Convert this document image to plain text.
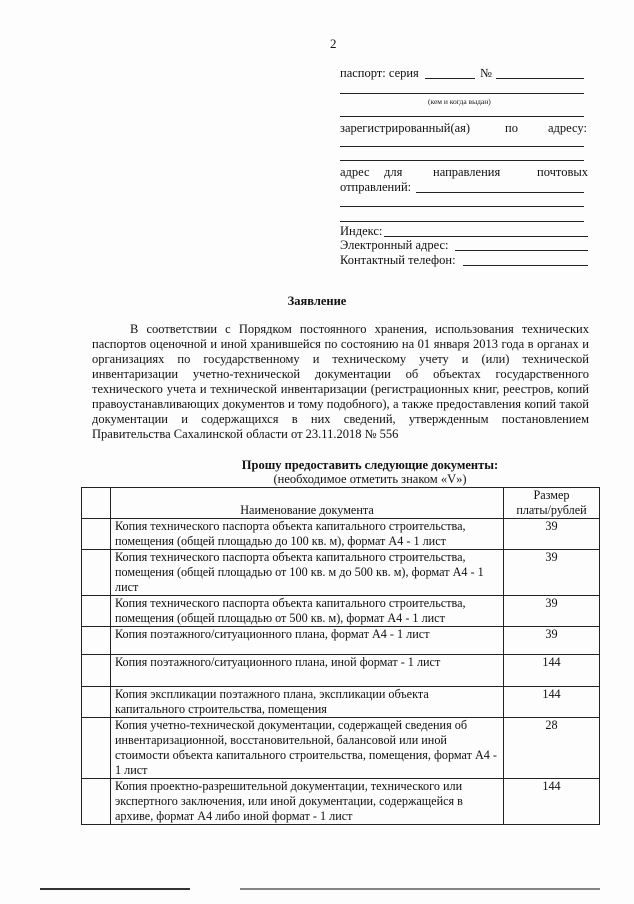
2
паспорт: серия	№
(кем и когда выдан)
зарегистрированный(ая)	по адресу:
адрес для направления	почтовых
отправлений:
Индекс:
Электронный адрес:
Контактный телефон:
Заявление
В соответствии с Порядком постоянного хранения, использования технических паспортов оценочной и иной хранившейся по состоянию на 01 января 2013 года в органах и организациях по государственному и техническому учету и (или) технической инвентаризации учетно-технической документации об объектах государственного технического учета и технической инвентаризации (регистрационных книг, реестров, копий правоустанавливающих документов и тому подобного), а также предоставления копий такой документации и содержащихся в них сведений, утвержденным постановлением Правительства Сахалинской области от 23.11.2018 № 556
Прошу предоставить следующие документы:
(необходимое отметить знаком «V»)
	Наименование документа	Размер
платы/рублей

	Копия технического паспорта объекта капитального строительства, помещения (общей площадью до 100 кв. м), формат А4 - 1 лист	39
	Копия технического паспорта объекта капитального строительства, помещения (общей площадью от 100 кв. м до 500 кв. м), формат А4 - 1 лист	39
	Копия технического паспорта объекта капитального строительства, помещения (общей площадью от 500 кв. м), формат А4 - 1 лист	39
	Копия поэтажного/ситуационного плана, формат А4 - 1 лист	39
	Копия поэтажного/ситуационного плана, иной формат - 1 лист	144
	Копия экспликации поэтажного плана, экспликации объекта капитального строительства, помещения	144
	Копия учетно-технической документации, содержащей сведения об инвентаризационной, восстановительной, балансовой или иной стоимости объекта капитального строительства, помещения, формат А4 - 1 лист	28
	Копия проектно-разрешительной документации, технического или экспертного заключения, или иной документации, содержащейся в архиве, формат А4 либо иной формат - 1 лист	144
